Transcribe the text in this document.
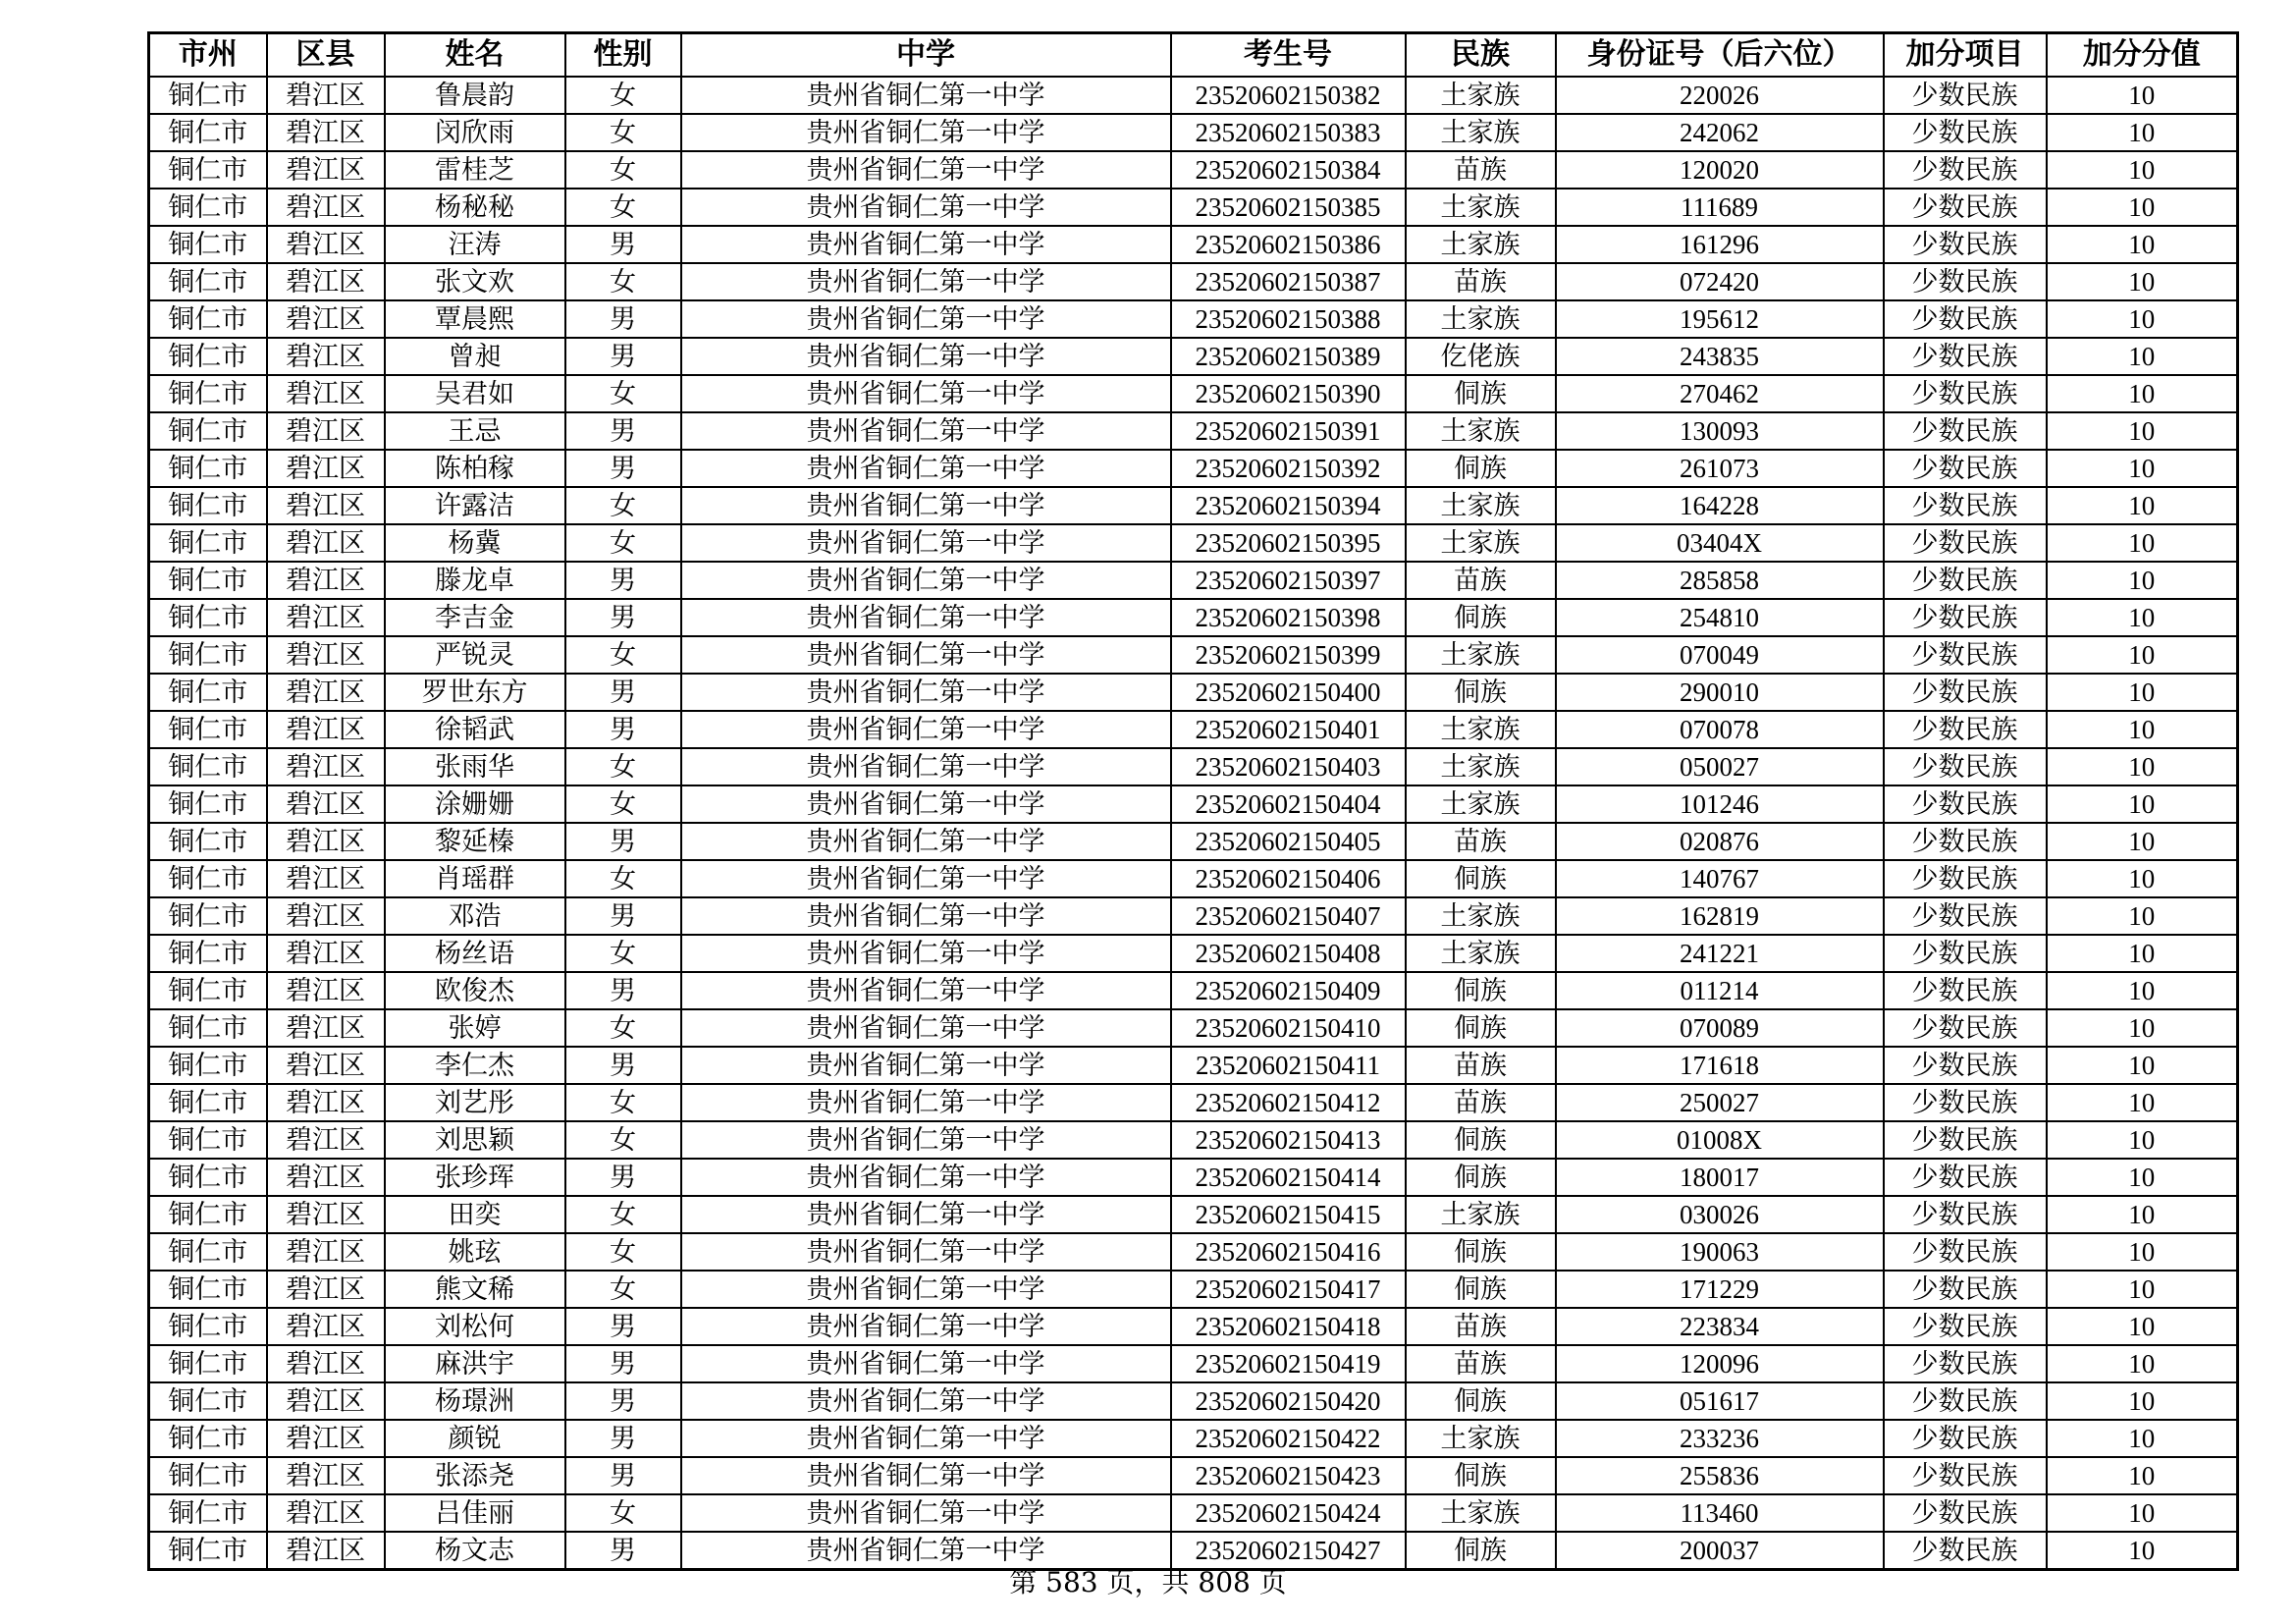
市州	区县	姓名	性别	中学	考生号	民族	身份证号（后六位）	加分项目	加分分值
铜仁市	碧江区	鲁晨韵	女	贵州省铜仁第一中学	23520602150382	土家族	220026	少数民族	10
铜仁市	碧江区	闵欣雨	女	贵州省铜仁第一中学	23520602150383	土家族	242062	少数民族	10
铜仁市	碧江区	雷桂芝	女	贵州省铜仁第一中学	23520602150384	苗族	120020	少数民族	10
铜仁市	碧江区	杨秘秘	女	贵州省铜仁第一中学	23520602150385	土家族	111689	少数民族	10
铜仁市	碧江区	汪涛	男	贵州省铜仁第一中学	23520602150386	土家族	161296	少数民族	10
铜仁市	碧江区	张文欢	女	贵州省铜仁第一中学	23520602150387	苗族	072420	少数民族	10
铜仁市	碧江区	覃晨熙	男	贵州省铜仁第一中学	23520602150388	土家族	195612	少数民族	10
铜仁市	碧江区	曾昶	男	贵州省铜仁第一中学	23520602150389	仡佬族	243835	少数民族	10
铜仁市	碧江区	吴君如	女	贵州省铜仁第一中学	23520602150390	侗族	270462	少数民族	10
铜仁市	碧江区	王忌	男	贵州省铜仁第一中学	23520602150391	土家族	130093	少数民族	10
铜仁市	碧江区	陈柏稼	男	贵州省铜仁第一中学	23520602150392	侗族	261073	少数民族	10
铜仁市	碧江区	许露洁	女	贵州省铜仁第一中学	23520602150394	土家族	164228	少数民族	10
铜仁市	碧江区	杨冀	女	贵州省铜仁第一中学	23520602150395	土家族	03404X	少数民族	10
铜仁市	碧江区	滕龙卓	男	贵州省铜仁第一中学	23520602150397	苗族	285858	少数民族	10
铜仁市	碧江区	李吉金	男	贵州省铜仁第一中学	23520602150398	侗族	254810	少数民族	10
铜仁市	碧江区	严锐灵	女	贵州省铜仁第一中学	23520602150399	土家族	070049	少数民族	10
铜仁市	碧江区	罗世东方	男	贵州省铜仁第一中学	23520602150400	侗族	290010	少数民族	10
铜仁市	碧江区	徐韬武	男	贵州省铜仁第一中学	23520602150401	土家族	070078	少数民族	10
铜仁市	碧江区	张雨华	女	贵州省铜仁第一中学	23520602150403	土家族	050027	少数民族	10
铜仁市	碧江区	涂姗姗	女	贵州省铜仁第一中学	23520602150404	土家族	101246	少数民族	10
铜仁市	碧江区	黎延榛	男	贵州省铜仁第一中学	23520602150405	苗族	020876	少数民族	10
铜仁市	碧江区	肖瑶群	女	贵州省铜仁第一中学	23520602150406	侗族	140767	少数民族	10
铜仁市	碧江区	邓浩	男	贵州省铜仁第一中学	23520602150407	土家族	162819	少数民族	10
铜仁市	碧江区	杨丝语	女	贵州省铜仁第一中学	23520602150408	土家族	241221	少数民族	10
铜仁市	碧江区	欧俊杰	男	贵州省铜仁第一中学	23520602150409	侗族	011214	少数民族	10
铜仁市	碧江区	张婷	女	贵州省铜仁第一中学	23520602150410	侗族	070089	少数民族	10
铜仁市	碧江区	李仁杰	男	贵州省铜仁第一中学	23520602150411	苗族	171618	少数民族	10
铜仁市	碧江区	刘艺彤	女	贵州省铜仁第一中学	23520602150412	苗族	250027	少数民族	10
铜仁市	碧江区	刘思颖	女	贵州省铜仁第一中学	23520602150413	侗族	01008X	少数民族	10
铜仁市	碧江区	张珍珲	男	贵州省铜仁第一中学	23520602150414	侗族	180017	少数民族	10
铜仁市	碧江区	田奕	女	贵州省铜仁第一中学	23520602150415	土家族	030026	少数民族	10
铜仁市	碧江区	姚玹	女	贵州省铜仁第一中学	23520602150416	侗族	190063	少数民族	10
铜仁市	碧江区	熊文稀	女	贵州省铜仁第一中学	23520602150417	侗族	171229	少数民族	10
铜仁市	碧江区	刘松何	男	贵州省铜仁第一中学	23520602150418	苗族	223834	少数民族	10
铜仁市	碧江区	麻洪宇	男	贵州省铜仁第一中学	23520602150419	苗族	120096	少数民族	10
铜仁市	碧江区	杨璟洲	男	贵州省铜仁第一中学	23520602150420	侗族	051617	少数民族	10
铜仁市	碧江区	颜锐	男	贵州省铜仁第一中学	23520602150422	土家族	233236	少数民族	10
铜仁市	碧江区	张添尧	男	贵州省铜仁第一中学	23520602150423	侗族	255836	少数民族	10
铜仁市	碧江区	吕佳丽	女	贵州省铜仁第一中学	23520602150424	土家族	113460	少数民族	10
铜仁市	碧江区	杨文志	男	贵州省铜仁第一中学	23520602150427	侗族	200037	少数民族	10
第 583 页，共 808 页
